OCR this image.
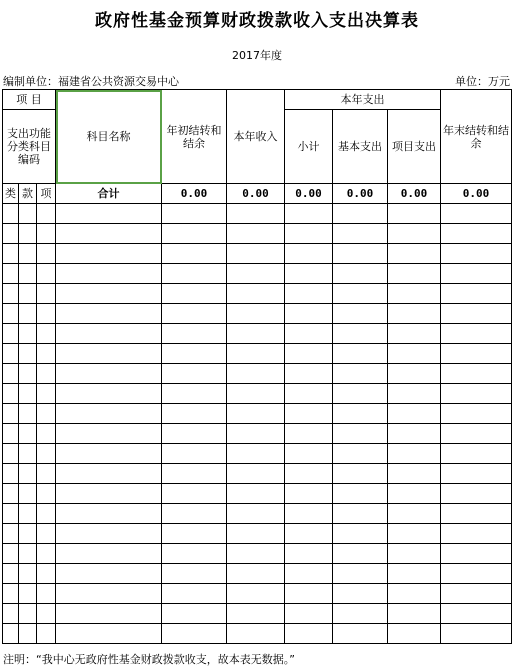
政府性基金预算财政拨款收入支出决算表
2017年度
编制单位：福建省公共资源交易中心	单位：万元
项 目			科目名称	年初结转和结余	本年收入	本年支出			年末结转和结余
支出功能分类科目编码						小计	基本支出	项目支出	

类	款	项	合计	0.00	0.00	0.00	0.00	0.00	0.00

注明：“我中心无政府性基金财政拨款收支，故本表无数据。”
